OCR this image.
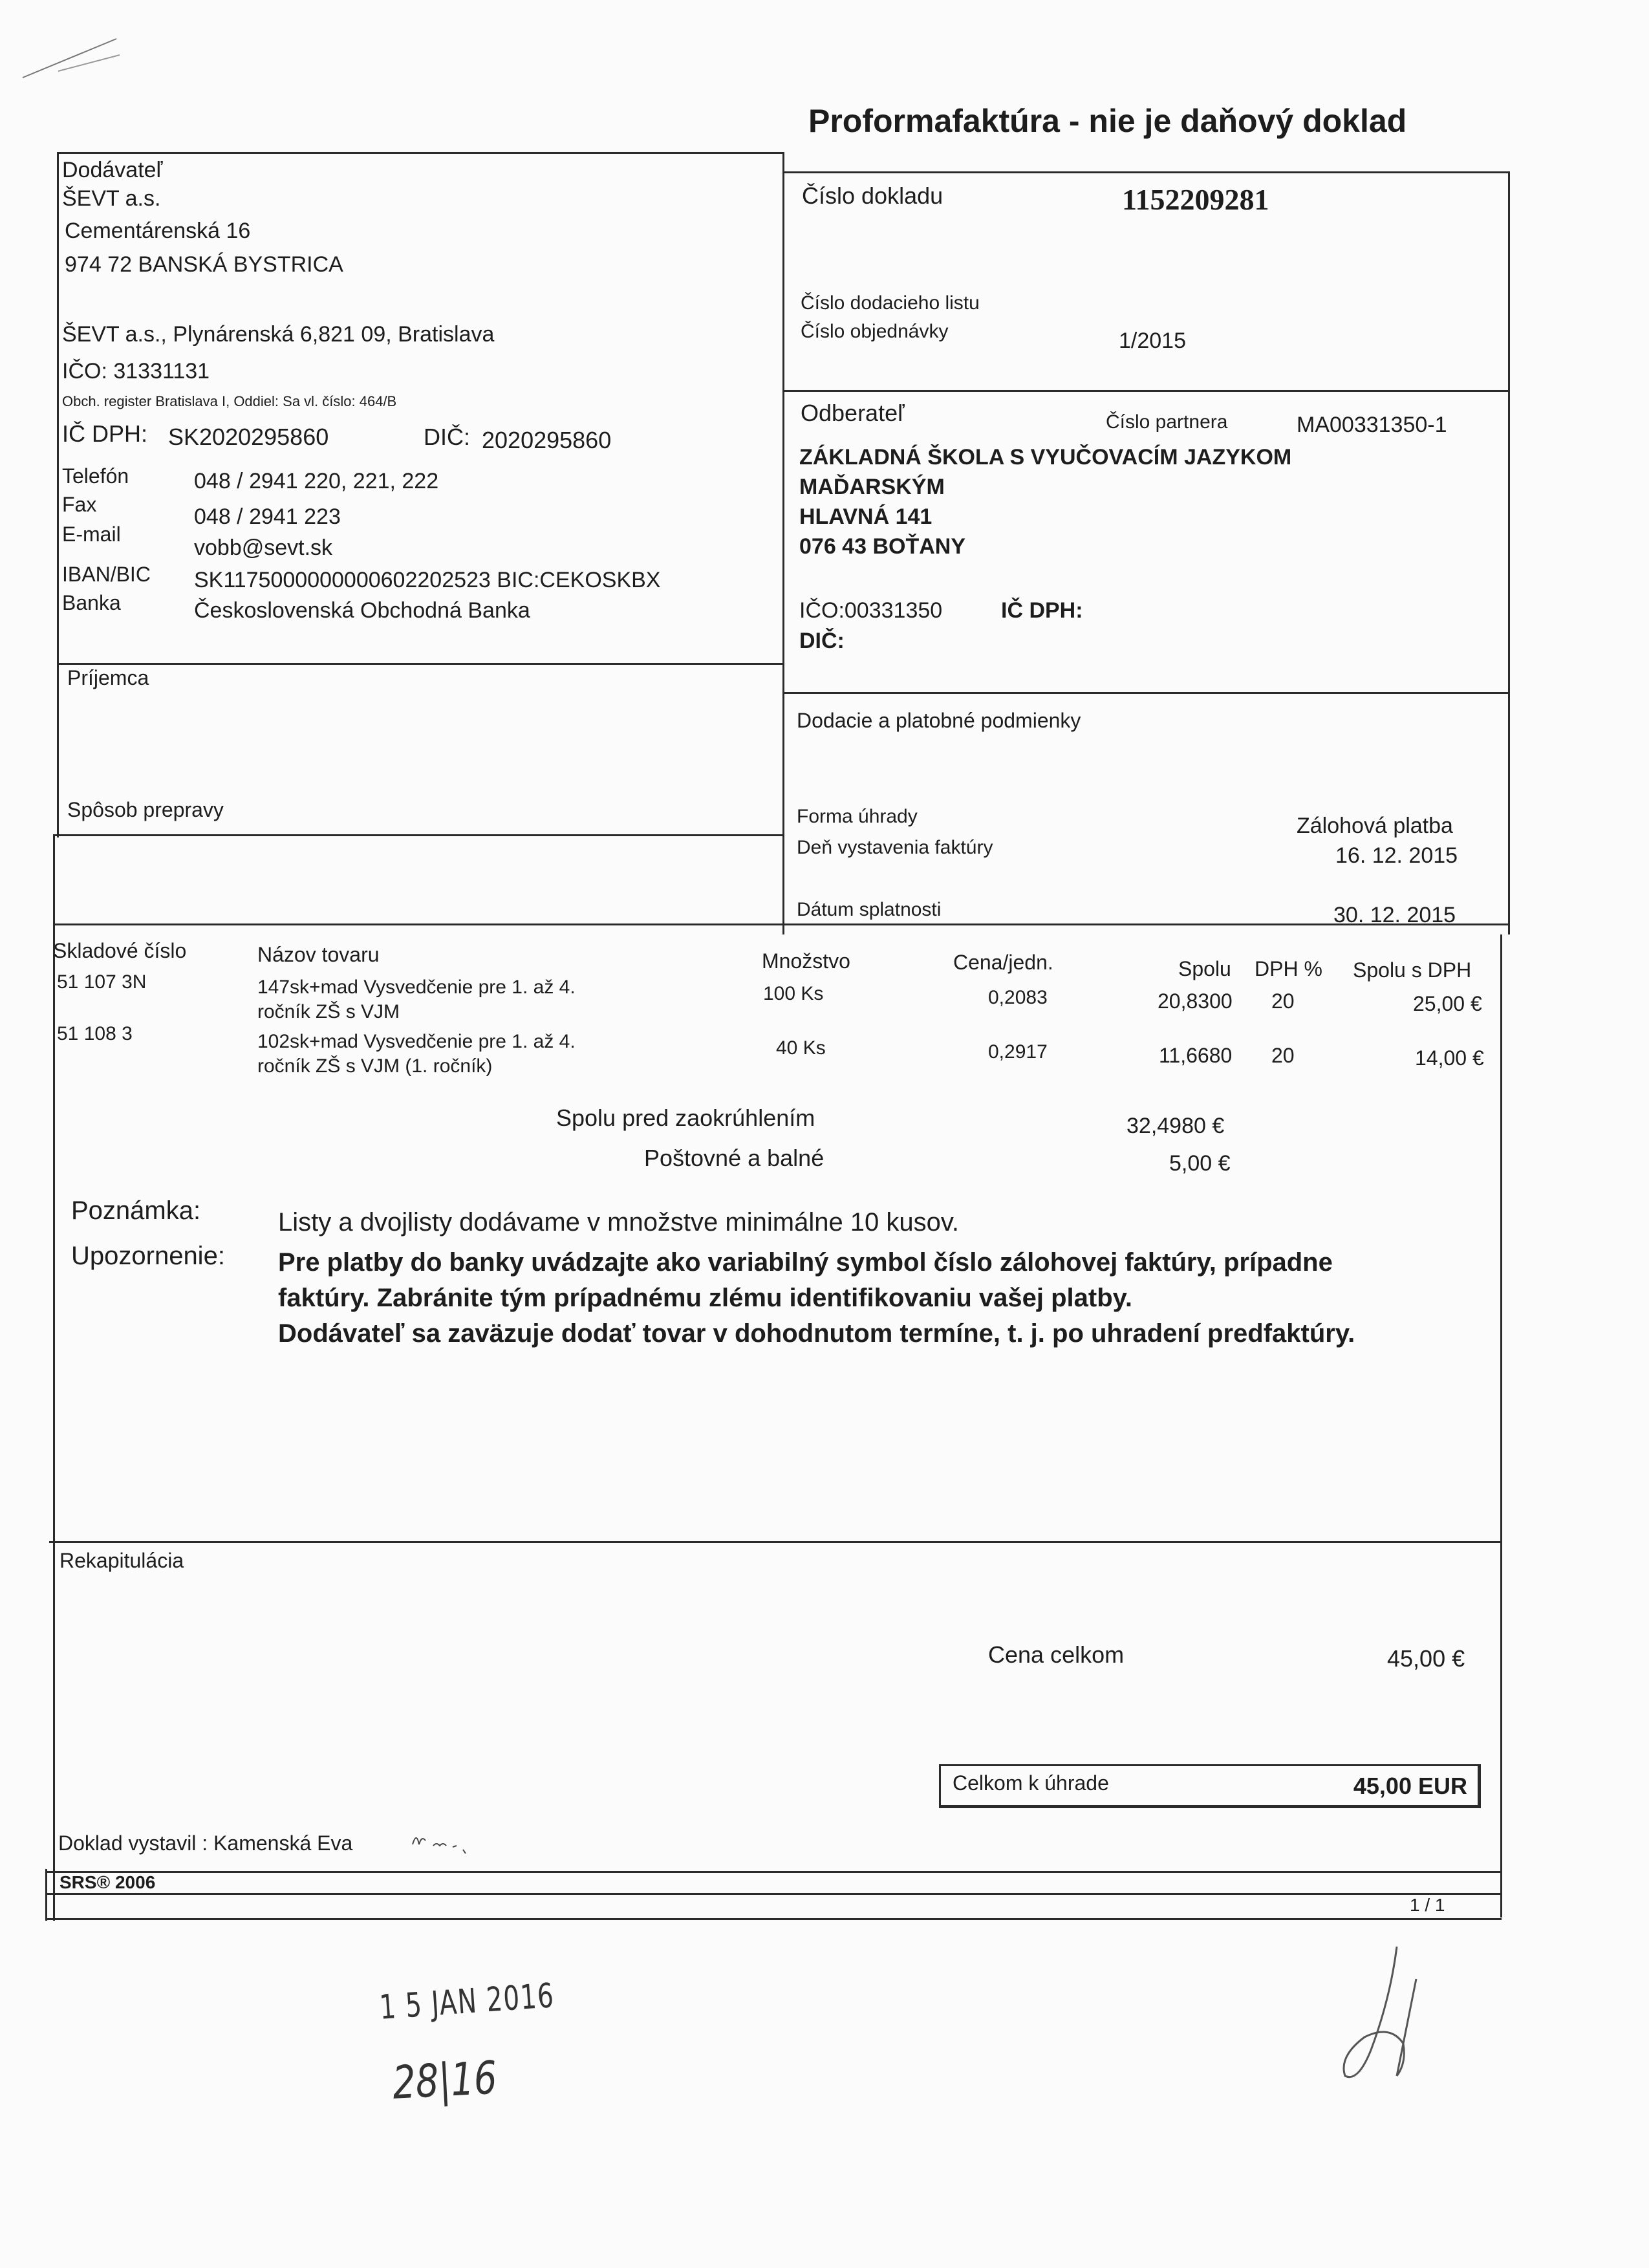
Proformafaktúra - nie je daňový doklad
Dodávateľ
ŠEVT a.s.
Cementárenská 16
974 72 BANSKÁ BYSTRICA
ŠEVT a.s., Plynárenská 6,821 09, Bratislava
IČO: 31331131
Obch. register Bratislava I, Oddiel: Sa vl. číslo: 464/B
IČ DPH: SK2020295860	DIČ: 2020295860
Telefón	048 / 2941 220, 221, 222
Fax	048 / 2941 223
E-mail
vobb@sevt.sk
IBAN/BIC SK1175000000000602202523 BIC:CEKOSKBX
Banka	Československá Obchodná Banka
Príjemca
Spôsob prepravy
Číslo dokladu	1152209281
Číslo dodacieho listu
Číslo objednávky	1/2015
Odberateľ	Číslo partnera	MA00331350-1
ZÁKLADNÁ ŠKOLA S VYUČOVACÍM JAZYKOM
MAĎARSKÝM
HLAVNÁ 141
076 43 BOŤANY
IČO:00331350	IČ DPH:
DIČ:
Dodacie a platobné podmienky
Forma úhrady	Zálohová platba
Deň vystavenia faktúry	16. 12. 2015
Dátum splatnosti	30. 12. 2015
Skladové číslo	Názov tovaru	Množstvo	Cena/jedn.	Spolu DPH % Spolu s DPH
51 107 3N	147sk+mad Vysvedčenie pre 1. až 4.
ročník ZŠ s VJM
100 Ks	0,2083	20,8300 20	25,00 €
51 108 3	102sk+mad Vysvedčenie pre 1. až 4.
ročník ZŠ s VJM (1. ročník)
40 Ks	0,2917	11,6680 20	14,00 €
Spolu pred zaokrúhlením	32,4980 €
Poštovné a balné	5,00 €
Poznámka:	Listy a dvojlisty dodávame v množstve minimálne 10 kusov.
Upozornenie: Pre platby do banky uvádzajte ako variabilný symbol číslo zálohovej faktúry, prípadne
faktúry. Zabránite tým prípadnému zlému identifikovaniu vašej platby.
Dodávateľ sa zaväzuje dodať tovar v dohodnutom termíne, t. j. po uhradení predfaktúry.
Rekapitulácia
Cena celkom	45,00 €
Celkom k úhrade	45,00 EUR
Doklad vystavil : Kamenská Eva
SRS® 2006
1 / 1
1 5 JAN 2016
28|16
